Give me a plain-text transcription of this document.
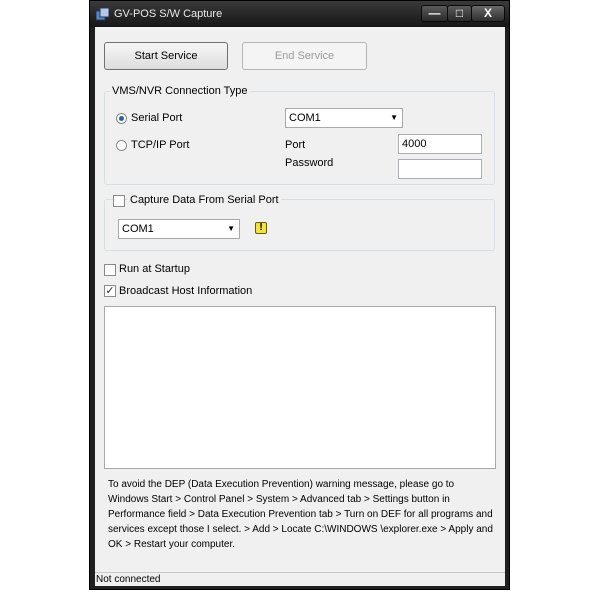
GV-POS S/W Capture	—	□	X
Start Service	End Service
VMS/NVR Connection Type
Serial Port
TCP/IP Port
COM1	▼
Port	4000
Password
Capture Data From Serial Port
COM1	▼	!
Run at Startup
✓ Broadcast Host Information
To avoid the DEP (Data Execution Prevention) warning message, please go to Windows Start > Control Panel > System > Advanced tab > Settings button in Performance field > Data Execution Prevention tab > Turn on DEF for all programs and services except those I select. > Add > Locate C:\WINDOWS \explorer.exe > Apply and OK > Restart your computer.
Not connected
